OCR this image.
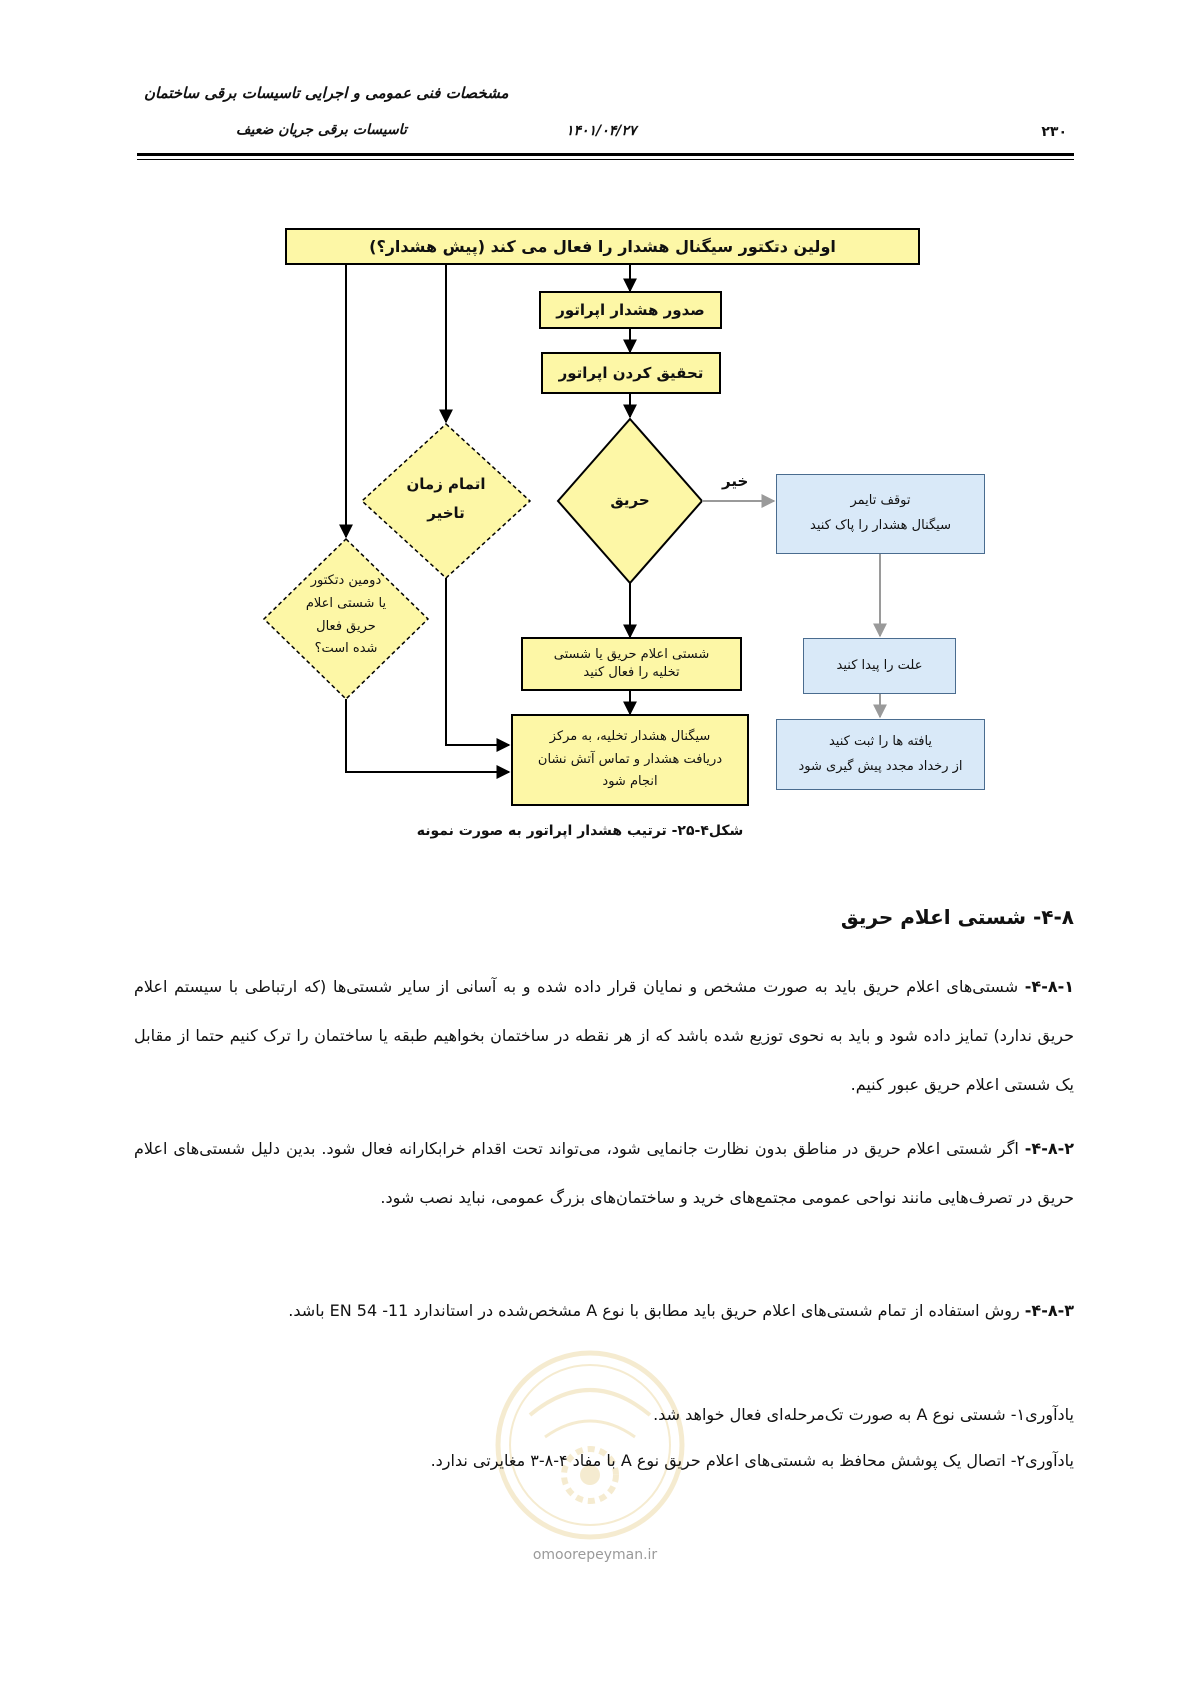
مشخصات فنی عمومی و اجرایی تاسیسات برقی ساختمان
تاسیسات برقی جریان ضعیف	۱۴۰۱/۰۴/۲۷	۲۳۰
اولین دتکتور سیگنال هشدار را فعال می کند (پیش هشدار؟)
صدور هشدار اپراتور
تحقیق کردن اپراتور
شستی اعلام حریق یا شستی
تخلیه را فعال کنید
سیگنال هشدار تخلیه، به مرکز
دریافت هشدار و تماس آتش نشان
انجام شود
توقف تایمر
سیگنال هشدار را پاک کنید
علت را پیدا کنید
یافته ها را ثبت کنید
از رخداد مجدد پیش گیری شود
حریق
اتمام زمان
تاخیر
دومین دتکتور
یا شستی اعلام
حریق فعال
شده است؟
خیر
شکل۴-۲۵- ترتیب هشدار اپراتور به صورت نمونه
omoorepeyman.ir
۴-۸- شستی اعلام حریق

۴-۸-۱- شستی‌های اعلام حریق باید به صورت مشخص و نمایان قرار داده شده و به آسانی از سایر شستی‌ها (که ارتباطی با سیستم اعلام حریق ندارد) تمایز داده شود و باید به نحوی توزیع شده باشد که از هر نقطه در ساختمان بخواهیم طبقه یا ساختمان را ترک کنیم حتما از مقابل یک شستی اعلام حریق عبور کنیم.

۴-۸-۲- اگر شستی اعلام حریق در مناطق بدون نظارت جانمایی شود، می‌تواند تحت اقدام خرابکارانه فعال شود. بدین دلیل شستی‌های اعلام حریق در تصرف‌هایی مانند نواحی عمومی مجتمع‌های خرید و ساختمان‌های بزرگ عمومی، نباید نصب شود.

۴-۸-۳- روش استفاده از تمام شستی‌های اعلام حریق باید مطابق با نوع A مشخص‌شده در استاندارد EN 54 -11 باشد.

یادآوری۱- شستی نوع A به صورت تک‌مرحله‌ای فعال خواهد شد.
یادآوری۲- اتصال یک پوشش محافظ به شستی‌های اعلام حریق نوع A با مفاد ۴-۸-۳ مغایرتی ندارد.
